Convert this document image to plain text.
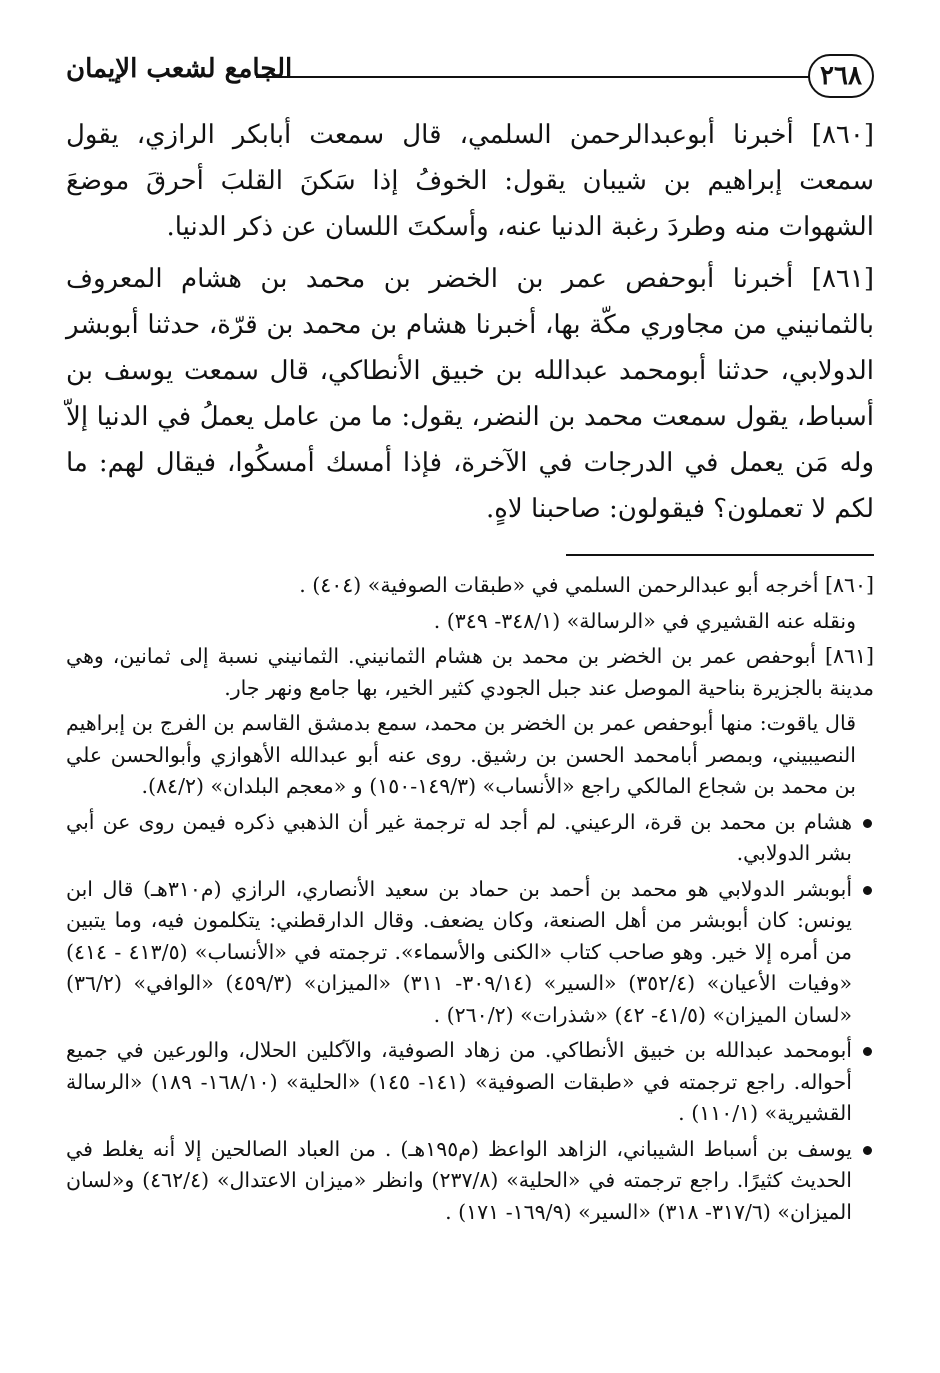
٢٦٨
الجامع لشعب الإيمان

[٨٦٠] أخبرنا أبوعبدالرحمن السلمي، قال سمعت أبابكر الرازي، يقول سمعت إبراهيم بن شيبان يقول: الخوفُ إذا سَكنَ القلبَ أحرقَ موضعَ الشهوات منه وطردَ رغبة الدنيا عنه، وأسكتَ اللسان عن ذكر الدنيا.

[٨٦١] أخبرنا أبوحفص عمر بن الخضر بن محمد بن هشام المعروف بالثمانيني من مجاوري مكّة بها، أخبرنا هشام بن محمد بن قرّة، حدثنا أبوبشر الدولابي، حدثنا أبومحمد عبدالله بن خبيق الأنطاكي، قال سمعت يوسف بن أسباط، يقول سمعت محمد بن النضر، يقول: ما من عامل يعملُ في الدنيا إلاّ وله مَن يعمل في الدرجات في الآخرة، فإذا أمسك أمسكُوا، فيقال لهم: ما لكم لا تعملون؟ فيقولون: صاحبنا لاهٍ.

[٨٦٠] أخرجه أبو عبدالرحمن السلمي في «طبقات الصوفية» (٤٠٤) .

ونقله عنه القشيري في «الرسالة» (٣٤٨/١- ٣٤٩) .

[٨٦١] أبوحفص عمر بن الخضر بن محمد بن هشام الثمانيني. الثمانيني نسبة إلى ثمانين، وهي مدينة بالجزيرة بناحية الموصل عند جبل الجودي كثير الخير، بها جامع ونهر جار.

قال ياقوت: منها أبوحفص عمر بن الخضر بن محمد، سمع بدمشق القاسم بن الفرج بن إبراهيم النصيبيني، وبمصر أبامحمد الحسن بن رشيق. روى عنه أبو عبدالله الأهوازي وأبوالحسن علي بن محمد بن شجاع المالكي راجع «الأنساب» (١٤٩/٣-١٥٠) و «معجم البلدان» (٨٤/٢).

هشام بن محمد بن قرة، الرعيني. لم أجد له ترجمة غير أن الذهبي ذكره فيمن روى عن أبي بشر الدولابي.
أبوبشر الدولابي هو محمد بن أحمد بن حماد بن سعيد الأنصاري، الرازي (م٣١٠هـ) قال ابن يونس: كان أبوبشر من أهل الصنعة، وكان يضعف. وقال الدارقطني: يتكلمون فيه، وما يتبين من أمره إلا خير. وهو صاحب كتاب «الكنى والأسماء». ترجمته في «الأنساب» (٤١٣/٥ - ٤١٤) «وفيات الأعيان» (٣٥٢/٤) «السير» (٣٠٩/١٤- ٣١١) «الميزان» (٤٥٩/٣) «الوافي» (٣٦/٢) «لسان الميزان» (٤١/٥- ٤٢) «شذرات» (٢٦٠/٢) .
أبومحمد عبدالله بن خبيق الأنطاكي. من زهاد الصوفية، والآكلين الحلال، والورعين في جميع أحواله. راجع ترجمته في «طبقات الصوفية» (١٤١- ١٤٥) «الحلية» (١٦٨/١٠- ١٨٩) «الرسالة القشيرية» (١١٠/١) .
يوسف بن أسباط الشيباني، الزاهد الواعظ (م١٩٥هـ) . من العباد الصالحين إلا أنه يغلط في الحديث كثيرًا. راجع ترجمته في «الحلية» (٢٣٧/٨) وانظر «ميزان الاعتدال» (٤٦٢/٤) و«لسان الميزان» (٣١٧/٦- ٣١٨) «السير» (١٦٩/٩- ١٧١) .
